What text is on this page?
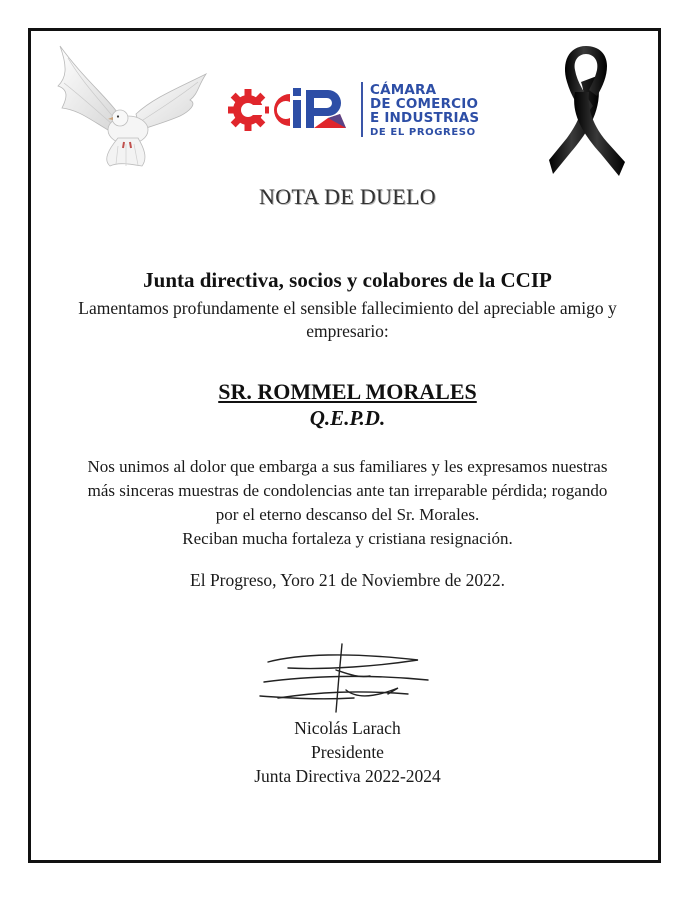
CÁMARA
DE COMERCIO
E INDUSTRIAS
DE EL PROGRESO
NOTA DE DUELO
Junta directiva, socios y colabores de la CCIP
Lamentamos profundamente el sensible fallecimiento del apreciable amigo y
empresario:
SR. ROMMEL MORALES
Q.E.P.D.
Nos unimos al dolor que embarga a sus familiares y les expresamos nuestras
más sinceras muestras de condolencias ante tan irreparable pérdida; rogando
por el eterno descanso del Sr. Morales.
Reciban mucha fortaleza y cristiana resignación.
El Progreso, Yoro 21 de Noviembre de 2022.
Nicolás Larach
Presidente
Junta Directiva 2022-2024
